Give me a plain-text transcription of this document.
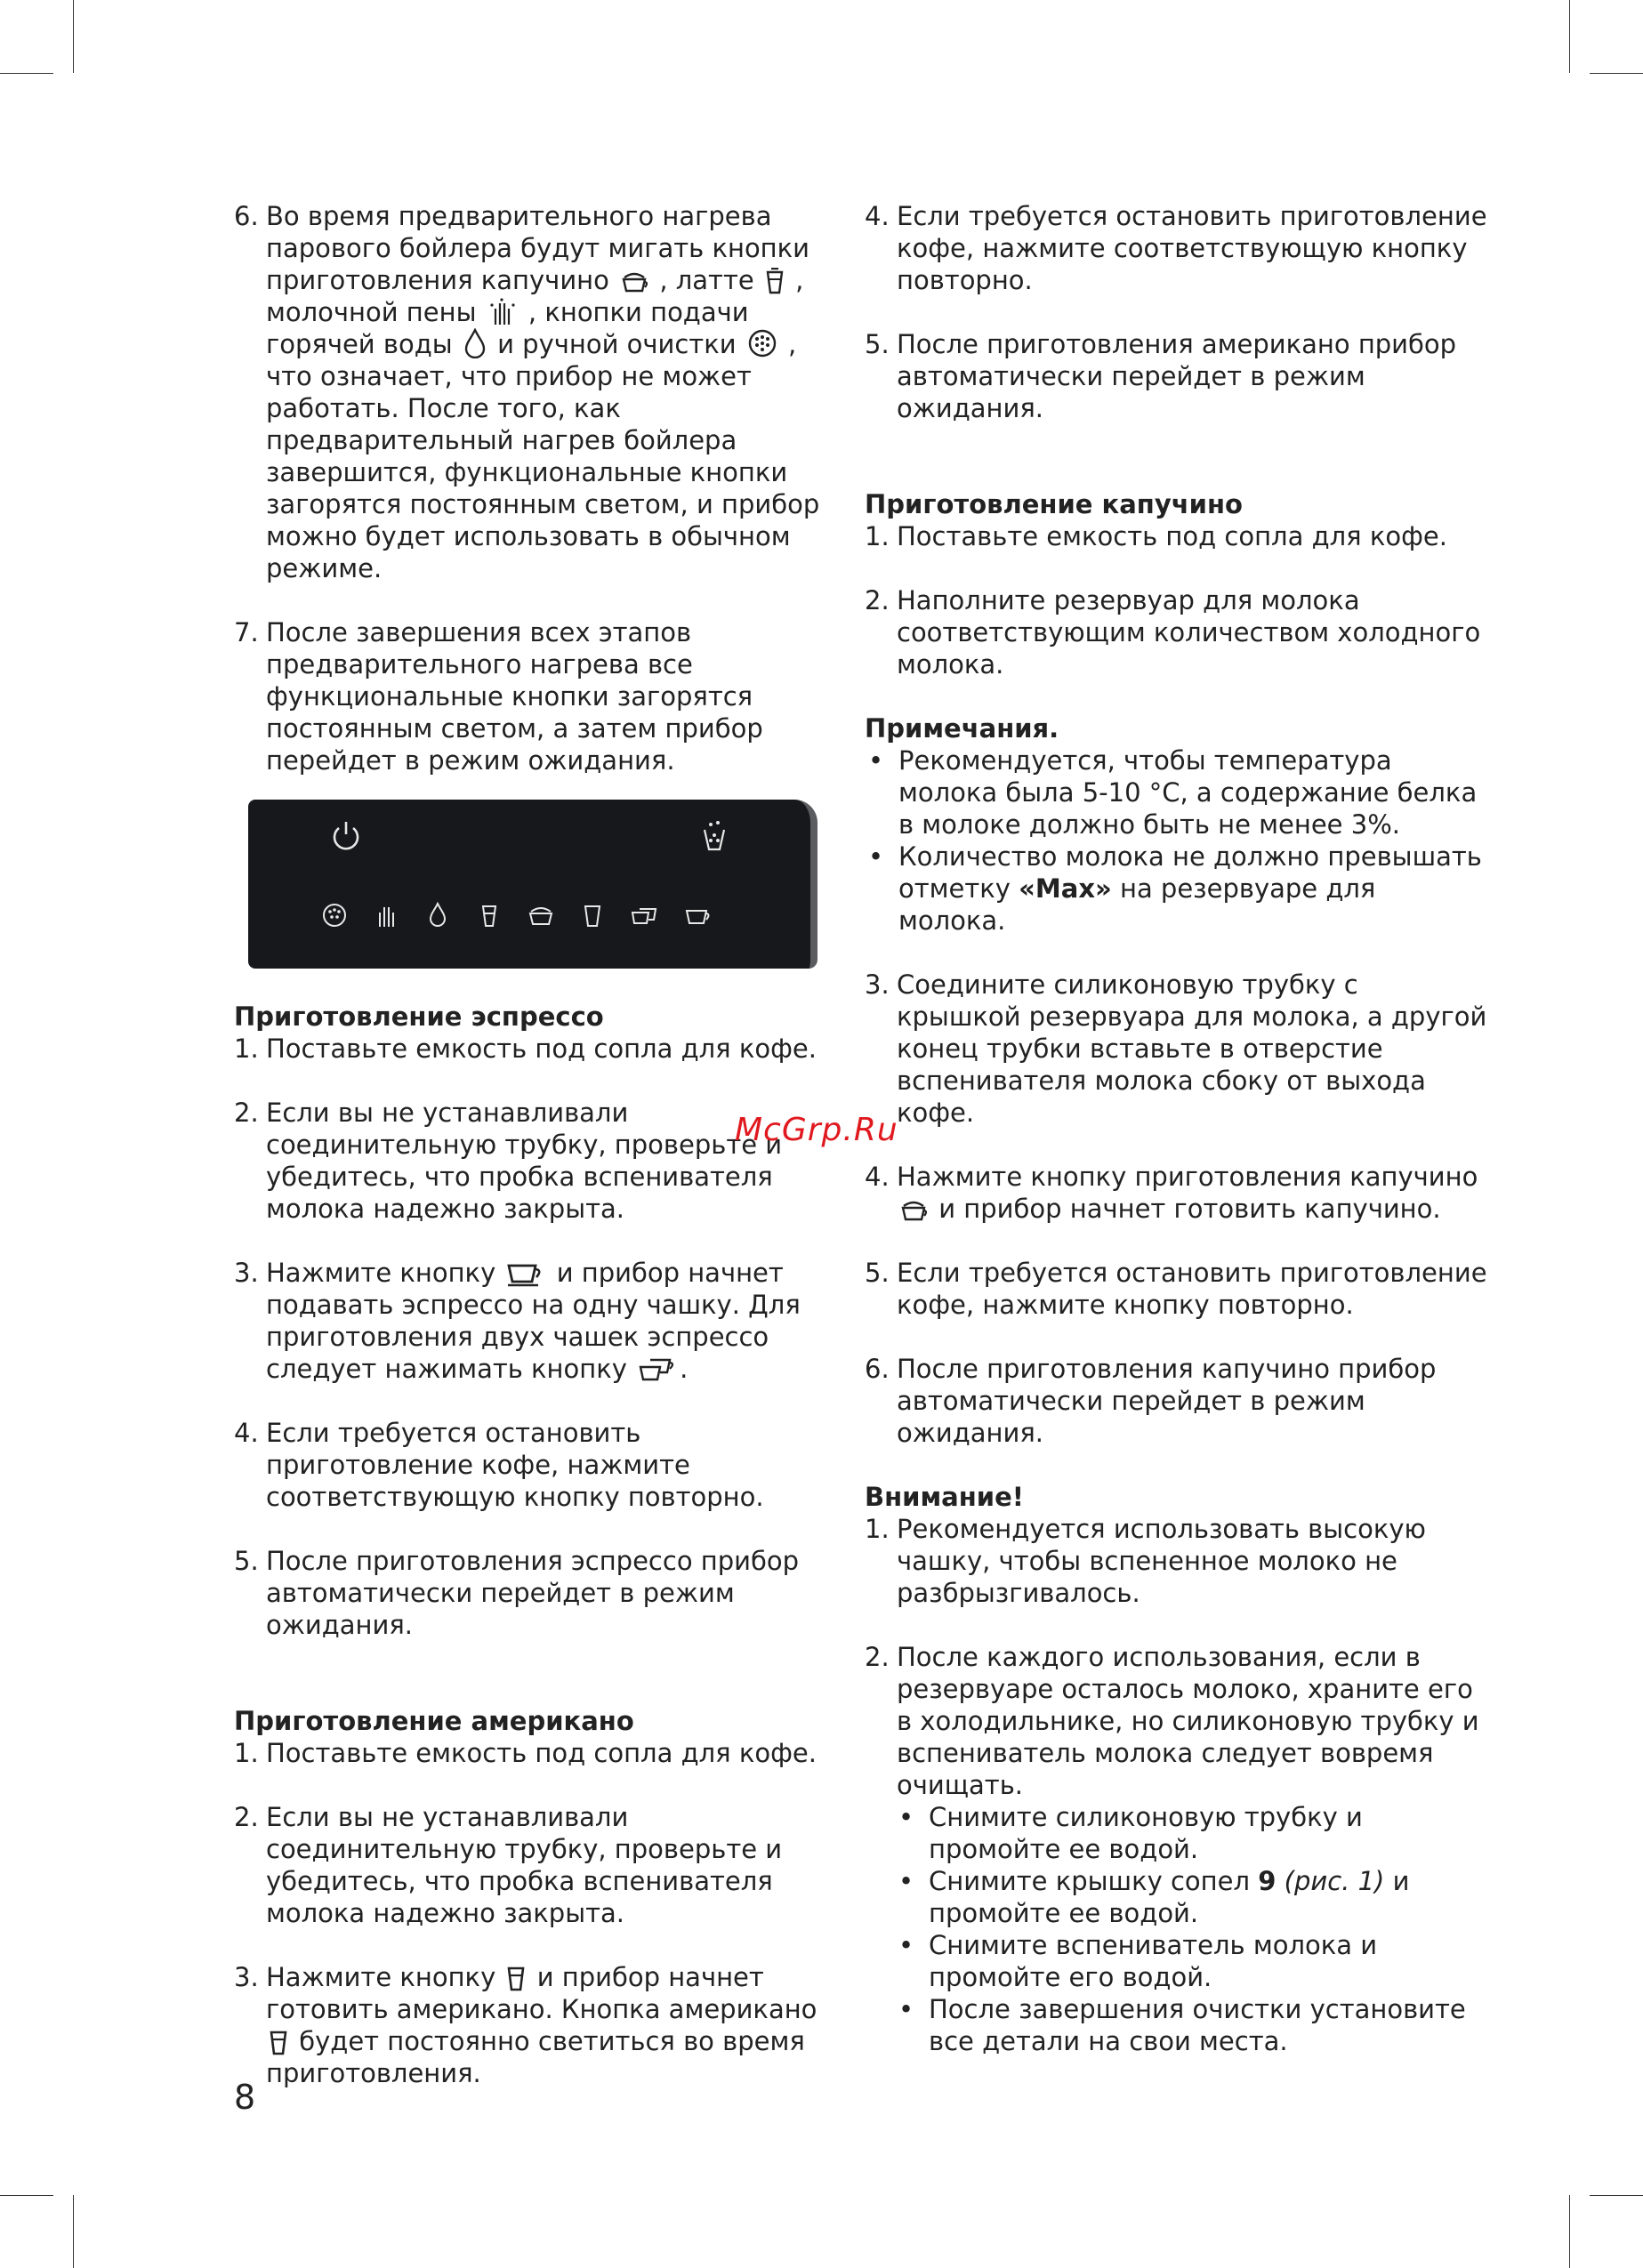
6. Во время предварительного нагрева парового бойлера будут мигать кнопки приготовления капучино , латте , молочной пены , кнопки подачи горячей воды и ручной очистки , что означает, что прибор не может работать. После того, как предварительный нагрев бойлера завершится, функциональные кнопки загорятся постоянным светом, и прибор можно будет использовать в обычном режиме.
7. После завершения всех этапов предварительного нагрева все функциональные кнопки загорятся постоянным светом, а затем прибор перейдет в режим ожидания.
Приготовление эспрессо
1. Поставьте емкость под сопла для кофе.
2. Если вы не устанавливали соединительную трубку, проверьте и убедитесь, что пробка вспенивателя молока надежно закрыта.
3. Нажмите кнопку и прибор начнет подавать эспрессо на одну чашку. Для приготовления двух чашек эспрессо следует нажимать кнопку .
4. Если требуется остановить приготовление кофе, нажмите соответствующую кнопку повторно.
5. После приготовления эспрессо прибор автоматически перейдет в режим ожидания.
Приготовление американо
1. Поставьте емкость под сопла для кофе.
2. Если вы не устанавливали соединительную трубку, проверьте и убедитесь, что пробка вспенивателя молока надежно закрыта.
3. Нажмите кнопку и прибор начнет готовить американо. Кнопка американо
будет постоянно светиться во время приготовления.
4. Если требуется остановить приготовление кофе, нажмите соответствующую кнопку повторно.
5. После приготовления американо прибор автоматически перейдет в режим ожидания.
Приготовление капучино
1. Поставьте емкость под сопла для кофе.
2. Наполните резервуар для молока соответствующим количеством холодного молока.
Примечания.
• Рекомендуется, чтобы температура молока была 5-10 °С, а содержание белка в молоке должно быть не менее 3%.
• Количество молока не должно превышать отметку «Max» на резервуаре для молока.
3. Соедините силиконовую трубку с крышкой резервуара для молока, а другой конец трубки вставьте в отверстие вспенивателя молока сбоку от выхода кофе.
4. Нажмите кнопку приготовления капучино
и прибор начнет готовить капучино.
5. Если требуется остановить приготовление кофе, нажмите кнопку повторно.
6. После приготовления капучино прибор автоматически перейдет в режим ожидания.
Внимание!
1. Рекомендуется использовать высокую чашку, чтобы вспененное молоко не разбрызгивалось.
2. После каждого использования, если в резервуаре осталось молоко, храните его в холодильнике, но силиконовую трубку и вспениватель молока следует вовремя очищать.
• Снимите силиконовую трубку и промойте ее водой.
• Снимите крышку сопел 9 (рис. 1) и промойте ее водой.
• Снимите вспениватель молока и промойте его водой.
• После завершения очистки установите все детали на свои места.
McGrp.Ru
8
